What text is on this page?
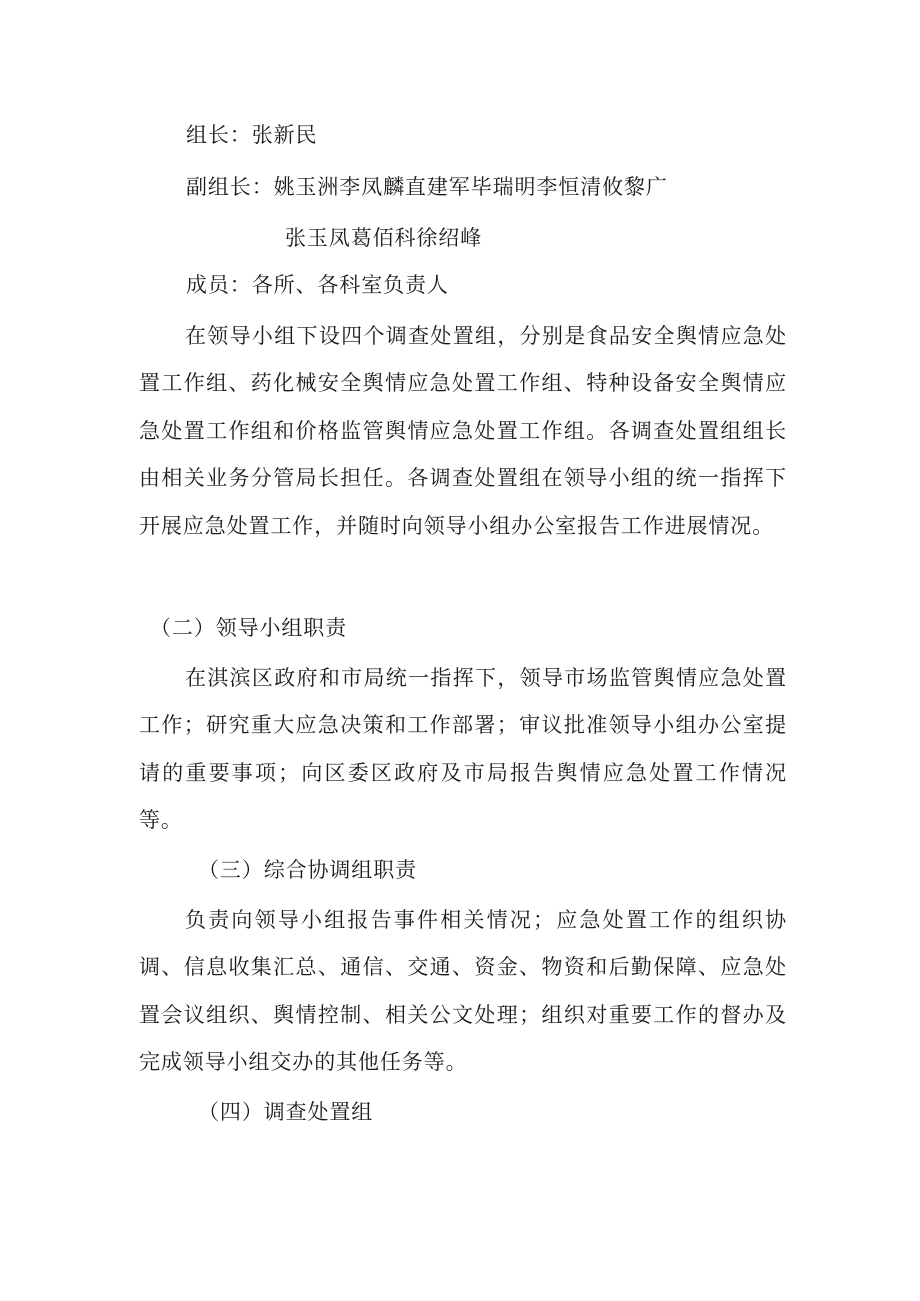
组长：张新民
副组长：姚玉洲李凤麟直建军毕瑞明李恒清攸黎广
张玉凤葛佰科徐绍峰
成员：各所、各科室负责人
在领导小组下设四个调查处置组，分别是食品安全舆情应急处置工作组、药化械安全舆情应急处置工作组、特种设备安全舆情应急处置工作组和价格监管舆情应急处置工作组。各调查处置组组长由相关业务分管局长担任。各调查处置组在领导小组的统一指挥下开展应急处置工作，并随时向领导小组办公室报告工作进展情况。
（二）领导小组职责
在淇滨区政府和市局统一指挥下，领导市场监管舆情应急处置工作；研究重大应急决策和工作部署；审议批准领导小组办公室提请的重要事项；向区委区政府及市局报告舆情应急处置工作情况等。
（三）综合协调组职责
负责向领导小组报告事件相关情况；应急处置工作的组织协调、信息收集汇总、通信、交通、资金、物资和后勤保障、应急处置会议组织、舆情控制、相关公文处理；组织对重要工作的督办及完成领导小组交办的其他任务等。
（四）调查处置组
